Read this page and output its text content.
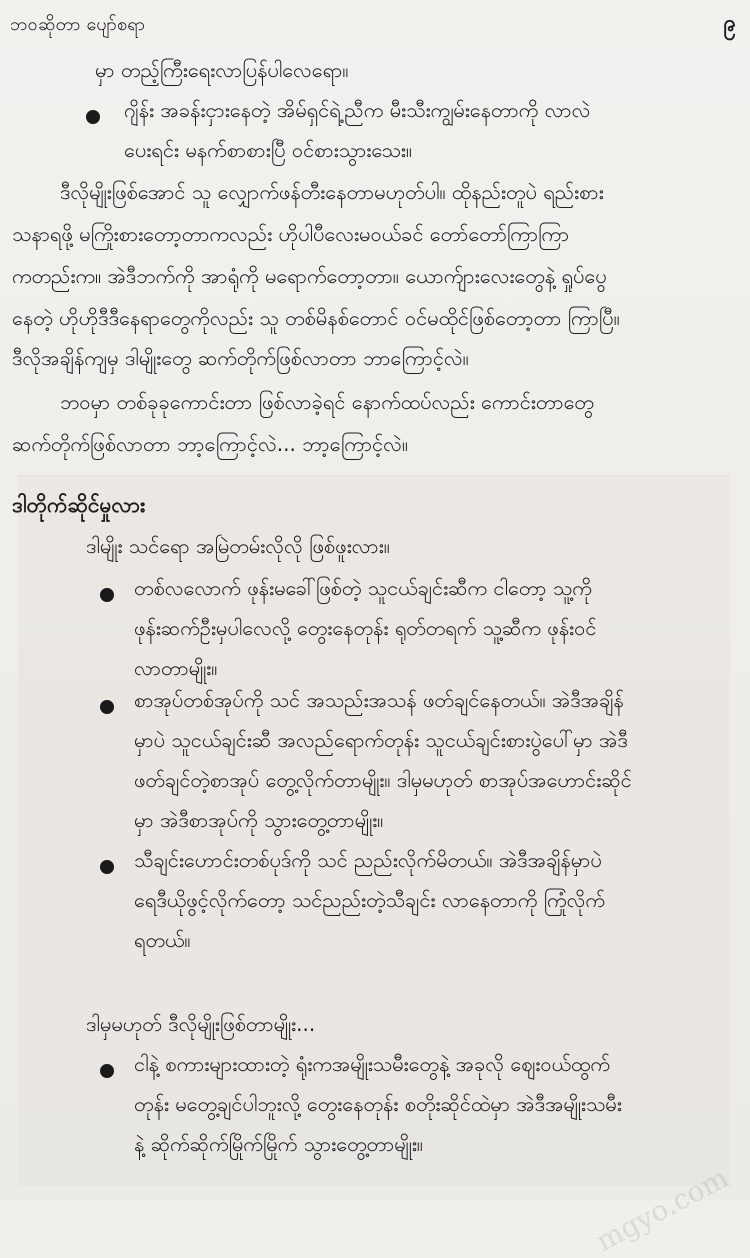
ဘဝဆိုတာ ပျော်စရာ	၉
မှာ တည့်ကြီးရေးလာပြန်ပါလေရော။
ဂျိန်း အခန်းငှားနေတဲ့ အိမ်ရှင်ရဲ့ညီက မီးသီးကျွမ်းနေတာကို လာလဲ
ပေးရင်း မနက်စာစားပြီ ဝင်စားသွားသေး။
ဒီလိုမျိုးဖြစ်အောင် သူ လျှောက်ဖန်တီးနေတာမဟုတ်ပါ။ ထိုနည်းတူပဲ ရည်းစား
သနာရဖို့ မကြိုးစားတော့တာကလည်း ဟိုပါပီလေးမဝယ်ခင် တော်တော်ကြာကြာ
ကတည်းက။ အဲဒီဘက်ကို အာရုံကို မရောက်တော့တာ။ ယောက်ျားလေးတွေနဲ့ ရှုပ်ပွေ
နေတဲ့ ဟိုဟိုဒီဒီနေရာတွေကိုလည်း သူ တစ်မိနစ်တောင် ဝင်မထိုင်ဖြစ်တော့တာ ကြာပြီ။
ဒီလိုအချိန်ကျမှ ဒါမျိုးတွေ ဆက်တိုက်ဖြစ်လာတာ ဘာကြောင့်လဲ။
ဘဝမှာ တစ်ခုခုကောင်းတာ ဖြစ်လာခဲ့ရင် နောက်ထပ်လည်း ကောင်းတာတွေ
ဆက်တိုက်ဖြစ်လာတာ ဘာ့ကြောင့်လဲ... ဘာ့ကြောင့်လဲ။
ဒါတိုက်ဆိုင်မှုလား
ဒါမျိုး သင်ရော အမြဲတမ်းလိုလို ဖြစ်ဖူးလား။
တစ်လလောက် ဖုန်းမခေါ်ဖြစ်တဲ့ သူငယ်ချင်းဆီက ငါတော့ သူ့ကို
ဖုန်းဆက်ဦးမှပါလေလို့ တွေးနေတုန်း ရုတ်တရက် သူ့ဆီက ဖုန်းဝင်
လာတာမျိုး။
စာအုပ်တစ်အုပ်ကို သင် အသည်းအသန် ဖတ်ချင်နေတယ်။ အဲဒီအချိန်
မှာပဲ သူငယ်ချင်းဆီ အလည်ရောက်တုန်း သူငယ်ချင်းစားပွဲပေါ်မှာ အဲဒီ
ဖတ်ချင်တဲ့စာအုပ် တွေ့လိုက်တာမျိုး။ ဒါမှမဟုတ် စာအုပ်အဟောင်းဆိုင်
မှာ အဲဒီစာအုပ်ကို သွားတွေ့တာမျိုး။
သီချင်းဟောင်းတစ်ပုဒ်ကို သင် ညည်းလိုက်မိတယ်။ အဲဒီအချိန်မှာပဲ
ရေဒီယိုဖွင့်လိုက်တော့ သင်ညည်းတဲ့သီချင်း လာနေတာကို ကြုံလိုက်
ရတယ်။
ဒါမှမဟုတ် ဒီလိုမျိုးဖြစ်တာမျိုး...
ငါနဲ့ စကားများထားတဲ့ ရုံးကအမျိုးသမီးတွေနဲ့ အခုလို ဈေးဝယ်ထွက်
တုန်း မတွေ့ချင်ပါဘူးလို့ တွေးနေတုန်း စတိုးဆိုင်ထဲမှာ အဲဒီအမျိုးသမီး
နဲ့ ဆိုက်ဆိုက်မြိုက်မြိုက် သွားတွေ့တာမျိုး။
mgyo.com
